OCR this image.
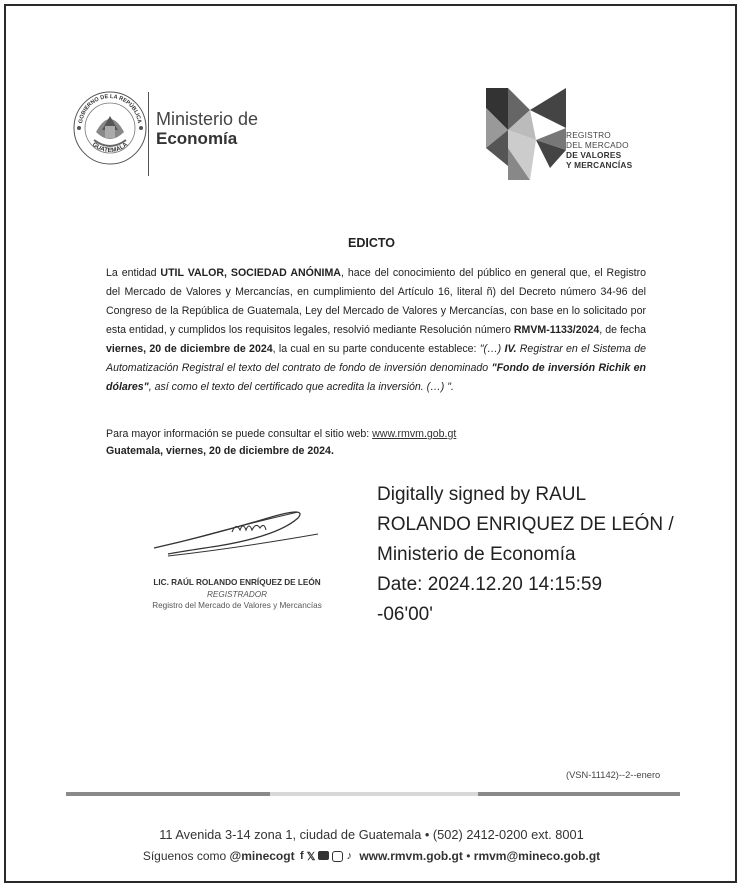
GOBIERNO DE LA REPÚBLICA
GUATEMALA
Ministerio de
Economía	REGISTRO
DEL MERCADO
DE VALORES
Y MERCANCÍAS
EDICTO
La entidad UTIL VALOR, SOCIEDAD ANÓNIMA, hace del conocimiento del público en general que, el Registro del Mercado de Valores y Mercancías, en cumplimiento del Artículo 16, literal ñ) del Decreto número 34-96 del Congreso de la República de Guatemala, Ley del Mercado de Valores y Mercancías, con base en lo solicitado por esta entidad, y cumplidos los requisitos legales, resolvió mediante Resolución número RMVM-1133/2024, de fecha viernes, 20 de diciembre de 2024, la cual en su parte conducente establece: "(…) IV. Registrar en el Sistema de Automatización Registral el texto del contrato de fondo de inversión denominado "Fondo de inversión Richik en dólares", así como el texto del certificado que acredita la inversión. (…) ".
Para mayor información se puede consultar el sitio web: www.rmvm.gob.gt
Guatemala, viernes, 20 de diciembre de 2024.
LIC. RAÚL ROLANDO ENRÍQUEZ DE LEÓN
REGISTRADOR
Registro del Mercado de Valores y Mercancías
Digitally signed by RAUL
ROLANDO ENRIQUEZ DE LEÓN /
Ministerio de Economía
Date: 2024.12.20 14:15:59
-06'00'
(VSN-11142)--2--enero
11 Avenida 3-14 zona 1, ciudad de Guatemala • (502) 2412-0200 ext. 8001
Síguenos como @minecogt f 𝕏	♪ www.rmvm.gob.gt • rmvm@mineco.gob.gt
